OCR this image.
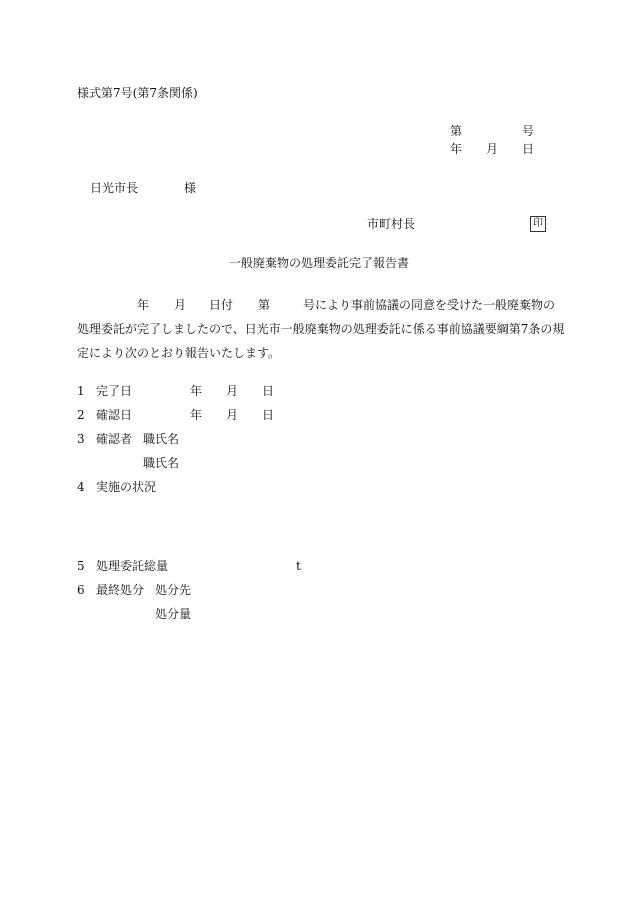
様式第7号(第7条関係)
第	号
年 月 日
日光市長	様
市町村長	印
一般廃棄物の処理委託完了報告書
年 月 日付 第	号により事前協議の同意を受けた一般廃棄物の
処理委託が完了しましたので、日光市一般廃棄物の処理委託に係る事前協議要綱第7条の規
定により次のとおり報告いたします。
1 完了日	年 月 日
2 確認日	年 月 日
3 確認者 職氏名
職氏名
4 実施の状況
5 処理委託総量	t
6 最終処分 処分先
処分量
